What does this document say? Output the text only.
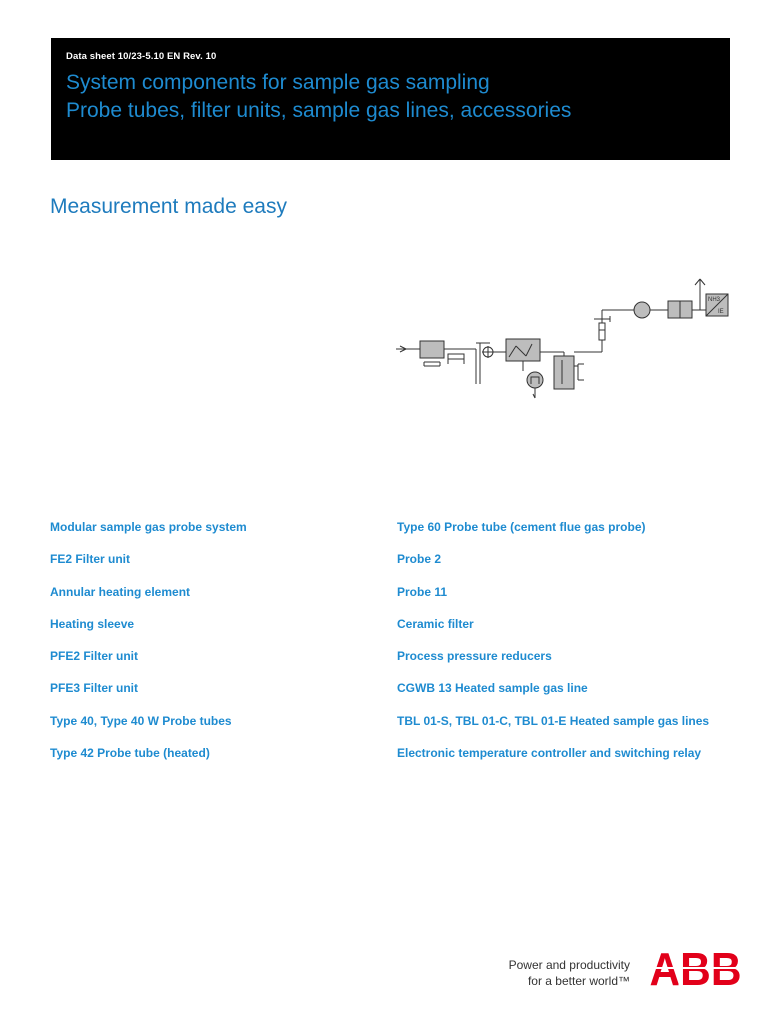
Data sheet 10/23-5.10 EN Rev. 10
System components for sample gas sampling
Probe tubes, filter units, sample gas lines, accessories
Measurement made easy
NH3
IE
Modular sample gas probe system
FE2 Filter unit
Annular heating element
Heating sleeve
PFE2 Filter unit
PFE3 Filter unit
Type 40, Type 40 W Probe tubes
Type 42 Probe tube (heated)
Type 60 Probe tube (cement flue gas probe)
Probe 2
Probe 11
Ceramic filter
Process pressure reducers
CGWB 13 Heated sample gas line
TBL 01-S, TBL 01-C, TBL 01-E Heated sample gas lines
Electronic temperature controller and switching relay
Power and productivity
for a better world™ ABB
